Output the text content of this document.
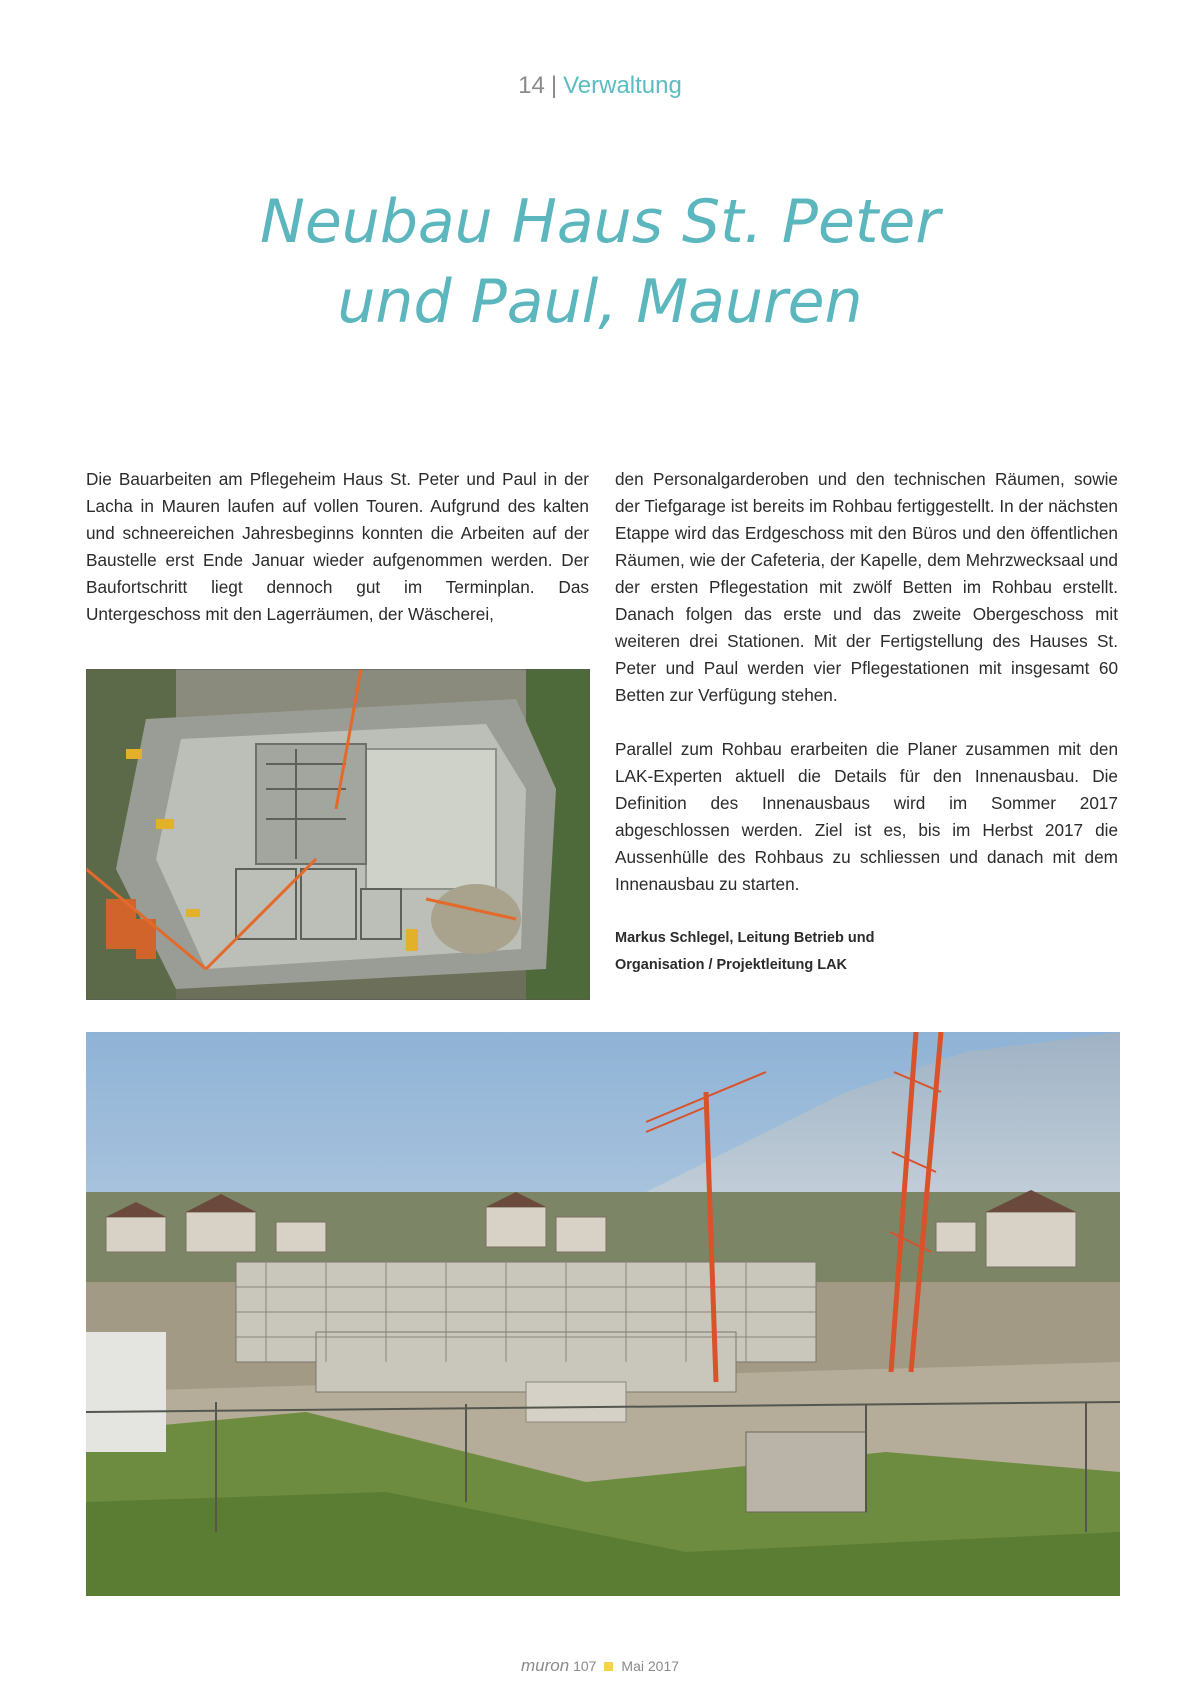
14 | Verwaltung
Neubau Haus St. Peter
und Paul, Mauren

Die Bauarbeiten am Pflegeheim Haus St. Peter und Paul in der Lacha in Mauren laufen auf vollen Touren. Aufgrund des kalten und schneereichen Jahresbeginns konnten die Arbeiten auf der Baustelle erst Ende Januar wieder aufgenommen werden. Der Baufortschritt liegt dennoch gut im Terminplan. Das Untergeschoss mit den Lagerräumen, der Wäscherei,

den Personalgarderoben und den technischen Räumen, sowie der Tiefgarage ist bereits im Rohbau fertiggestellt. In der nächsten Etappe wird das Erdgeschoss mit den Büros und den öffentlichen Räumen, wie der Cafeteria, der Kapelle, dem Mehrzwecksaal und der ersten Pflegestation mit zwölf Betten im Rohbau erstellt. Danach folgen das erste und das zweite Obergeschoss mit weiteren drei Stationen. Mit der Fertigstellung des Hauses St. Peter und Paul werden vier Pflegestationen mit insgesamt 60 Betten zur Verfügung stehen.

Parallel zum Rohbau erarbeiten die Planer zusammen mit den LAK-Experten aktuell die Details für den Innenausbau. Die Definition des Innenausbaus wird im Sommer 2017 abgeschlossen werden. Ziel ist es, bis im Herbst 2017 die Aussenhülle des Rohbaus zu schliessen und danach mit dem Innenausbau zu starten.

Markus Schlegel, Leitung Betrieb und
Organisation / Projektleitung LAK
muron 107 Mai 2017
